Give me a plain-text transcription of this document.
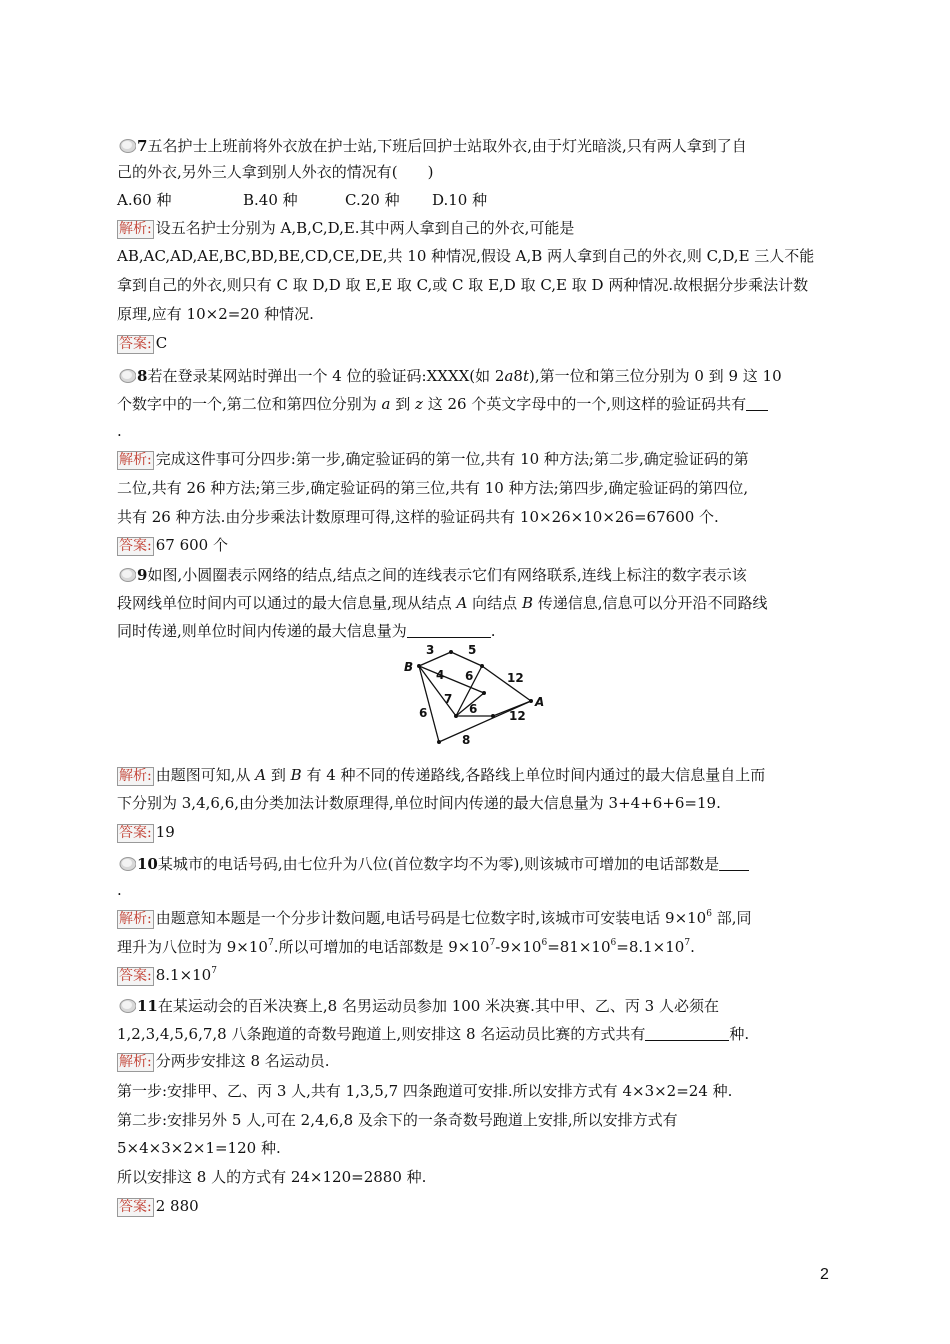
7五名护士上班前将外衣放在护士站,下班后回护士站取外衣,由于灯光暗淡,只有两人拿到了自
己的外衣,另外三人拿到别人外衣的情况有(　　)
A.60 种	B.40 种	C.20 种 D.10 种
解析: 设五名护士分别为 A,B,C,D,E.其中两人拿到自己的外衣,可能是
AB,AC,AD,AE,BC,BD,BE,CD,CE,DE,共 10 种情况,假设 A,B 两人拿到自己的外衣,则 C,D,E 三人不能
拿到自己的外衣,则只有 C 取 D,D 取 E,E 取 C,或 C 取 E,D 取 C,E 取 D 两种情况.故根据分步乘法计数
原理,应有 10×2=20 种情况.
答案: C
8若在登录某网站时弹出一个 4 位的验证码:XXXX(如 2a8t),第一位和第三位分别为 0 到 9 这 10
个数字中的一个,第二位和第四位分别为 a 到 z 这 26 个英文字母中的一个,则这样的验证码共有
.
解析: 完成这件事可分四步:第一步,确定验证码的第一位,共有 10 种方法;第二步,确定验证码的第
二位,共有 26 种方法;第三步,确定验证码的第三位,共有 10 种方法;第四步,确定验证码的第四位,
共有 26 种方法.由分步乘法计数原理可得,这样的验证码共有 10×26×10×26=67600 个.
答案: 67 600 个
9如图,小圆圈表示网络的结点,结点之间的连线表示它们有网络联系,连线上标注的数字表示该
段网线单位时间内可以通过的最大信息量,现从结点 A 向结点 B 传递信息,信息可以分开沿不同路线
同时传递,则单位时间内传递的最大信息量为	.
B
A
3	5
12
4 6
7
6	12
6
8
解析: 由题图可知,从 A 到 B 有 4 种不同的传递路线,各路线上单位时间内通过的最大信息量自上而
下分别为 3,4,6,6,由分类加法计数原理得,单位时间内传递的最大信息量为 3+4+6+6=19.
答案: 19
10某城市的电话号码,由七位升为八位(首位数字均不为零),则该城市可增加的电话部数是
.
解析: 由题意知本题是一个分步计数问题,电话号码是七位数字时,该城市可安装电话 $9\times 10^6$ 部,同
理升为八位时为 $9\times 10^7$.所以可增加的电话部数是 $9\times 10^7-9\times 10^6=81\times 10^6=8.1\times 10^7$.
答案: $8.1\times 10^7$
11在某运动会的百米决赛上,8 名男运动员参加 100 米决赛.其中甲、乙、丙 3 人必须在
1,2,3,4,5,6,7,8 八条跑道的奇数号跑道上,则安排这 8 名运动员比赛的方式共有	种.
解析: 分两步安排这 8 名运动员.
第一步:安排甲、乙、丙 3 人,共有 1,3,5,7 四条跑道可安排.所以安排方式有 4×3×2=24 种.
第二步:安排另外 5 人,可在 2,4,6,8 及余下的一条奇数号跑道上安排,所以安排方式有
5×4×3×2×1=120 种.
所以安排这 8 人的方式有 24×120=2880 种.
答案: 2 880
2
